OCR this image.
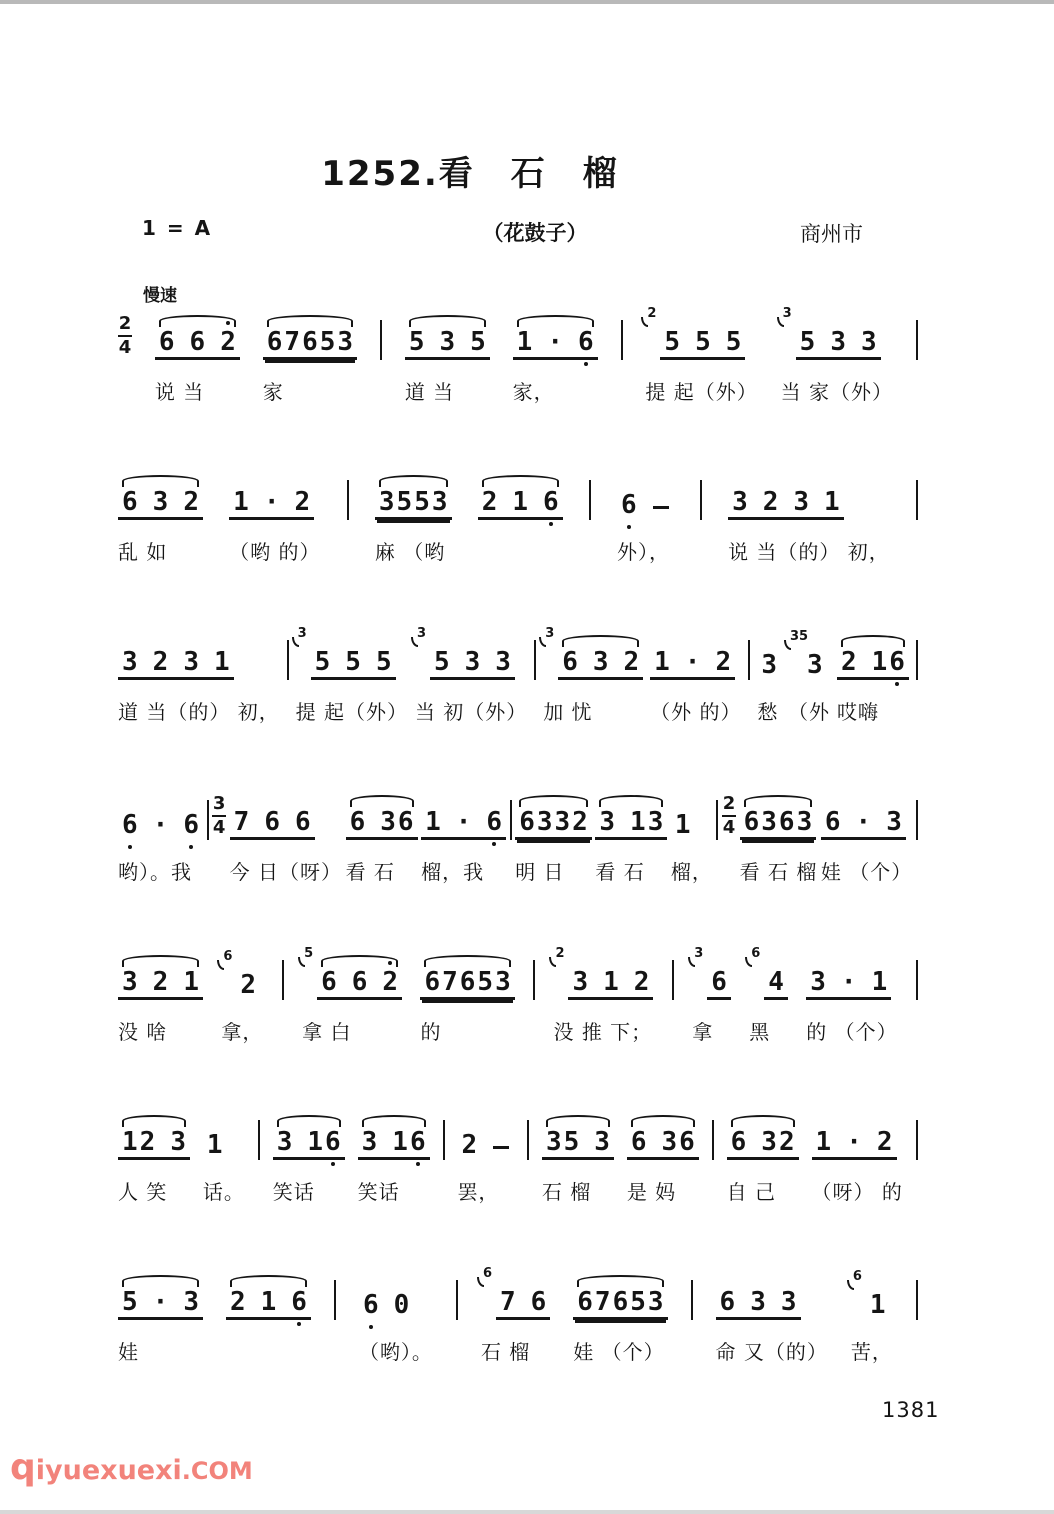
1252.看　石　榴
1 = A	（花鼓子）	商州市
慢速
$\frac{2}{4} 6$ 6 2
说 当
6 7 6 5 3
家
5 3 5
道 当
1 · 6
家，
2
5 5 5
提 起（外）
3
5 3 3
当 家（外）
6 3 2
乱 如
1 · 2
（哟 的）
3 5 5 3
麻 （哟
2 1 6 6
外），
3 2 3 1
说 当（的） 初，
3 2 3 1
道 当（的） 初，
3
5 5 5
提 起（外）
3
5 3 3
当 初（外）
3
6 3 2
加 忧
1 · 2
（外 的）
3
愁
35
3
（外
2 1 6
哎嗨
6 · 6
哟）。我
$\frac{3}{4} 7$ 6 6
今 日（呀）
6 3 6
看 石
1 · 6
榴，我
6 3 3 2
明 日
3 1 3
看 石
1
榴，
$\frac{2}{4} 6$ 3 6 3
看 石 榴
6 · 3
娃 （个）
3 2 1
没 啥
6
2
拿，
5
6 6 2
拿 白
6 7 6 5 3
的
2
3 1 2
没 推 下；
3
6
拿
6
4
黑
3 · 1
的 （个）
1 2 3
人 笑
1
话。
3 1 6
笑话
3 1 6
笑话
2
罢，
3 5 3
石 榴
6 3 6
是 妈
6 3 2
自 己
1 · 2
（呀） 的
5 · 3
娃
2 1 6 6 0
（哟）。
6
7 6
石 榴
6 7 6 5 3
娃 （个）
6 3 3
命 又（的）
6
1
苦，
1381
qiyuexuexi.COM
